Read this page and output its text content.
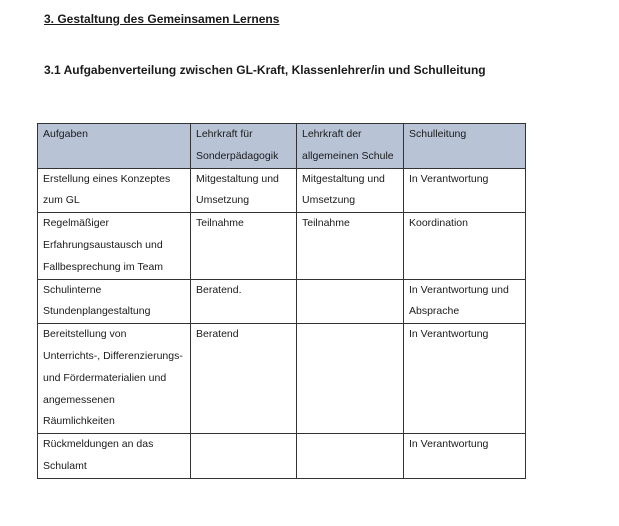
3. Gestaltung des Gemeinsamen Lernens
3.1 Aufgabenverteilung zwischen GL-Kraft, Klassenlehrer/in und Schulleitung
Aufgaben	Lehrkraft für Sonderpädagogik	Lehrkraft der allgemeinen Schule	Schulleitung
Erstellung eines Konzeptes zum GL	Mitgestaltung und Umsetzung	Mitgestaltung und Umsetzung	In Verantwortung
Regelmäßiger Erfahrungsaustausch und Fallbesprechung im Team	Teilnahme	Teilnahme	Koordination
Schulinterne Stundenplangestaltung	Beratend.		In Verantwortung und Absprache
Bereitstellung von Unterrichts-, Differenzierungs- und Fördermaterialien und angemessenen Räumlichkeiten	Beratend		In Verantwortung
Rückmeldungen an das Schulamt			In Verantwortung
